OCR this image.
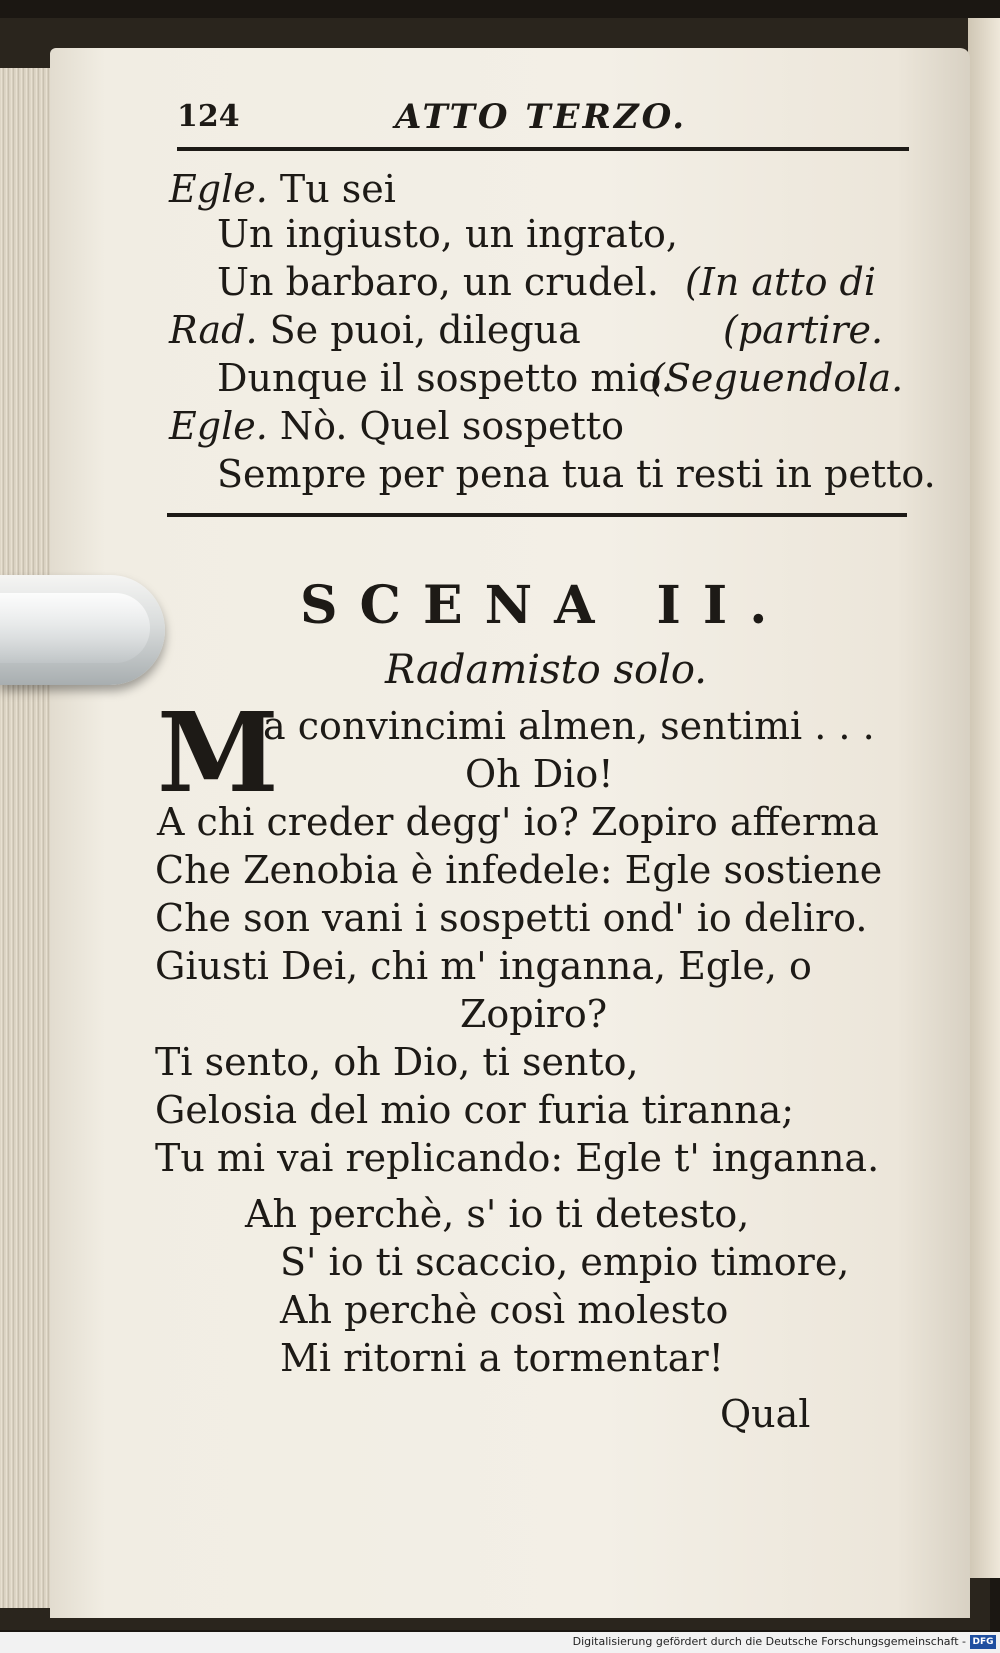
124	ATTO TERZO.
Egle. Tu sei
Un ingiusto, un ingrato,
Un barbaro, un crudel. (In atto di
Rad. Se puoi, dilegua	(partire.
Dunque il sospetto mio.
(Seguendola.
Egle. Nò. Quel sospetto
Sempre per pena tua ti resti in petto.
SCENA II.
Radamisto solo.
M
a convincimi almen, sentimi . . .
Oh Dio!
A chi creder degg' io? Zopiro afferma
Che Zenobia è infedele: Egle sostiene
Che son vani i sospetti ond' io deliro.
Giusti Dei, chi m' inganna, Egle, o
Zopiro?
Ti sento, oh Dio, ti sento,
Gelosia del mio cor furia tiranna;
Tu mi vai replicando: Egle t' inganna.
Ah perchè, s' io ti detesto,
S' io ti scaccio, empio timore,
Ah perchè così molesto
Mi ritorni a tormentar!
Qual
Digitalisierung gefördert durch die Deutsche Forschungsgemeinschaft - DFG
